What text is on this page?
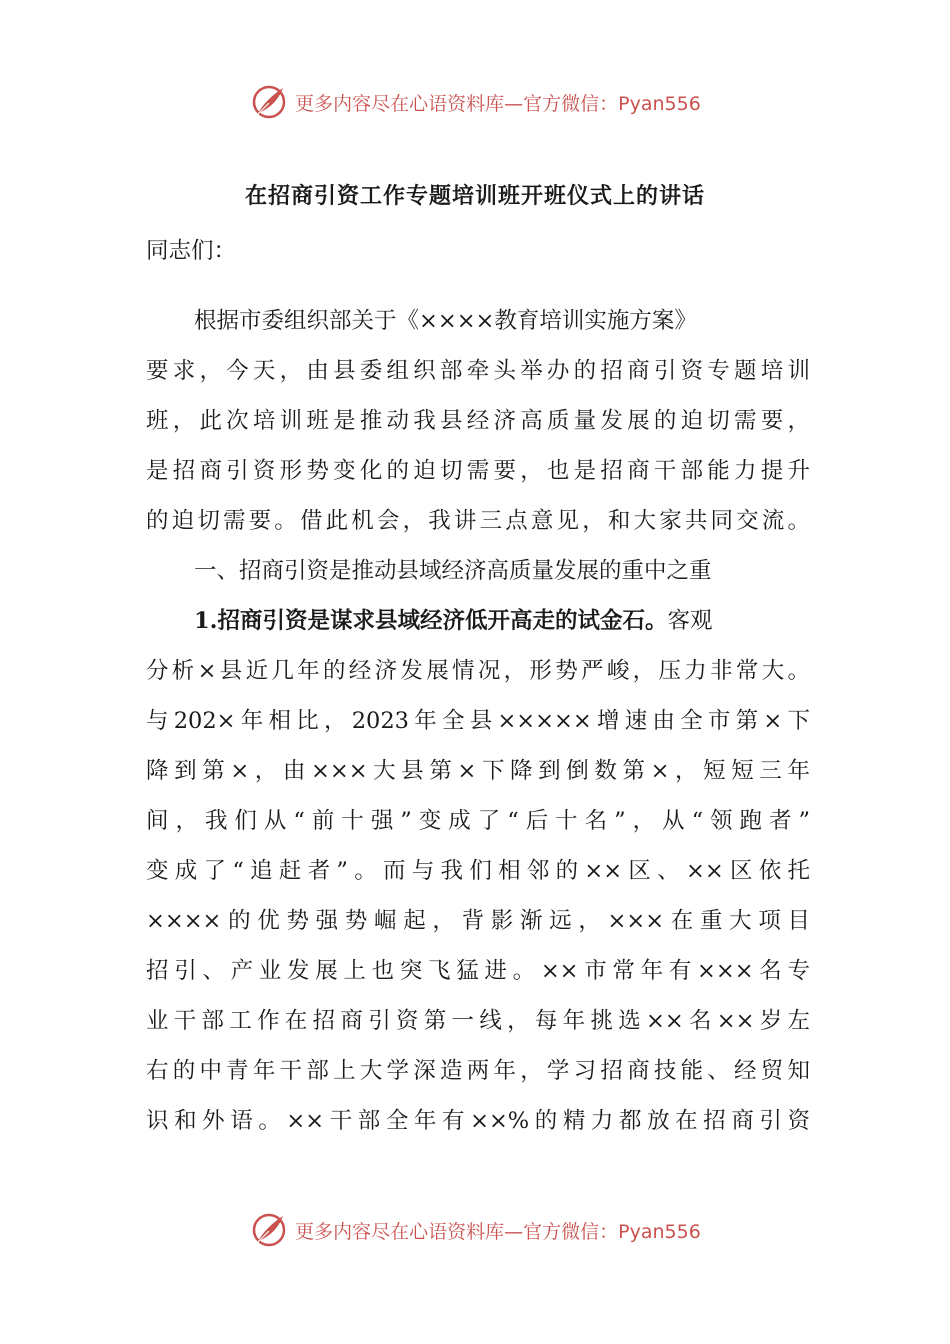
更多内容尽在心语资料库—官方微信：Pyan556
在招商引资工作专题培训班开班仪式上的讲话
同志们：
根据市委组织部关于《××××教育培训实施方案》
要求，今天，由县委组织部牵头举办的招商引资专题培训
班，此次培训班是推动我县经济高质量发展的迫切需要，
是招商引资形势变化的迫切需要，也是招商干部能力提升
的迫切需要。借此机会，我讲三点意见，和大家共同交流。
一、招商引资是推动县域经济高质量发展的重中之重
1.招商引资是谋求县域经济低开高走的试金石。客观
分析×县近几年的经济发展情况，形势严峻，压力非常大。
与202×年相比，2023年全县×××××增速由全市第×下
降到第×，由×××大县第×下降到倒数第×，短短三年
间，我们从“前十强”变成了“后十名”，从“领跑者”
变成了“追赶者”。而与我们相邻的××区、××区依托
××××的优势强势崛起，背影渐远，×××在重大项目
招引、产业发展上也突飞猛进。××市常年有×××名专
业干部工作在招商引资第一线，每年挑选××名××岁左
右的中青年干部上大学深造两年，学习招商技能、经贸知
识和外语。××干部全年有××%的精力都放在招商引资
更多内容尽在心语资料库—官方微信：Pyan556
